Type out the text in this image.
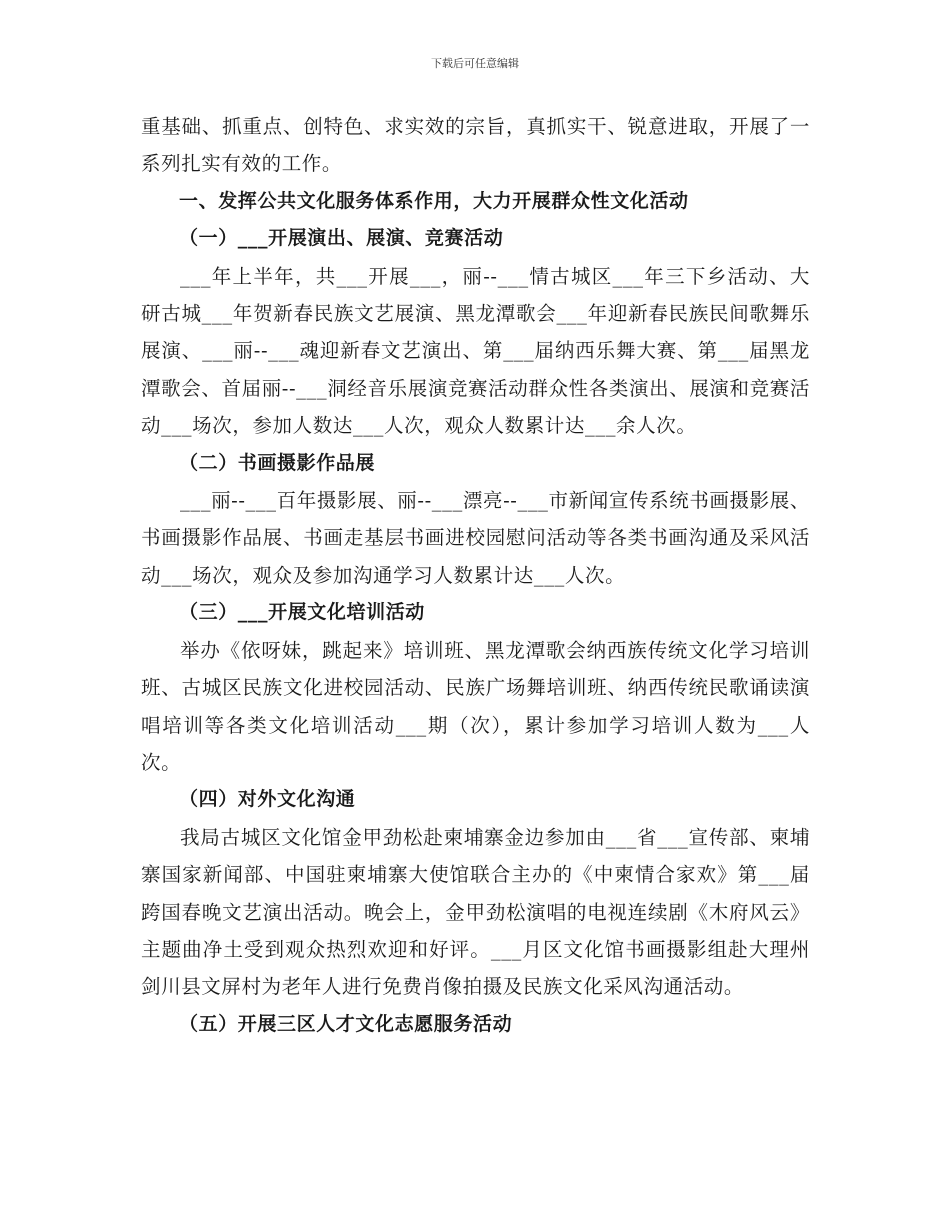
下载后可任意编辑

重基础、抓重点、创特色、求实效的宗旨，真抓实干、锐意进取，开展了一系列扎实有效的工作。

一、发挥公共文化服务体系作用，大力开展群众性文化活动

（一）___开展演出、展演、竞赛活动

___年上半年，共___开展___，丽--___情古城区___年三下乡活动、大研古城___年贺新春民族文艺展演、黑龙潭歌会___年迎新春民族民间歌舞乐展演、___丽--___魂迎新春文艺演出、第___届纳西乐舞大赛、第___届黑龙潭歌会、首届丽--___洞经音乐展演竞赛活动群众性各类演出、展演和竞赛活动___场次，参加人数达___人次，观众人数累计达___余人次。

（二）书画摄影作品展

___丽--___百年摄影展、丽--___漂亮--___市新闻宣传系统书画摄影展、书画摄影作品展、书画走基层书画进校园慰问活动等各类书画沟通及采风活动___场次，观众及参加沟通学习人数累计达___人次。

（三）___开展文化培训活动

举办《依呀妹，跳起来》培训班、黑龙潭歌会纳西族传统文化学习培训班、古城区民族文化进校园活动、民族广场舞培训班、纳西传统民歌诵读演唱培训等各类文化培训活动___期（次），累计参加学习培训人数为___人次。

（四）对外文化沟通

我局古城区文化馆金甲劲松赴柬埔寨金边参加由___省___宣传部、柬埔寨国家新闻部、中国驻柬埔寨大使馆联合主办的《中柬情合家欢》第___届跨国春晚文艺演出活动。晚会上，金甲劲松演唱的电视连续剧《木府风云》主题曲净土受到观众热烈欢迎和好评。___月区文化馆书画摄影组赴大理州剑川县文屏村为老年人进行免费肖像拍摄及民族文化采风沟通活动。

（五）开展三区人才文化志愿服务活动
